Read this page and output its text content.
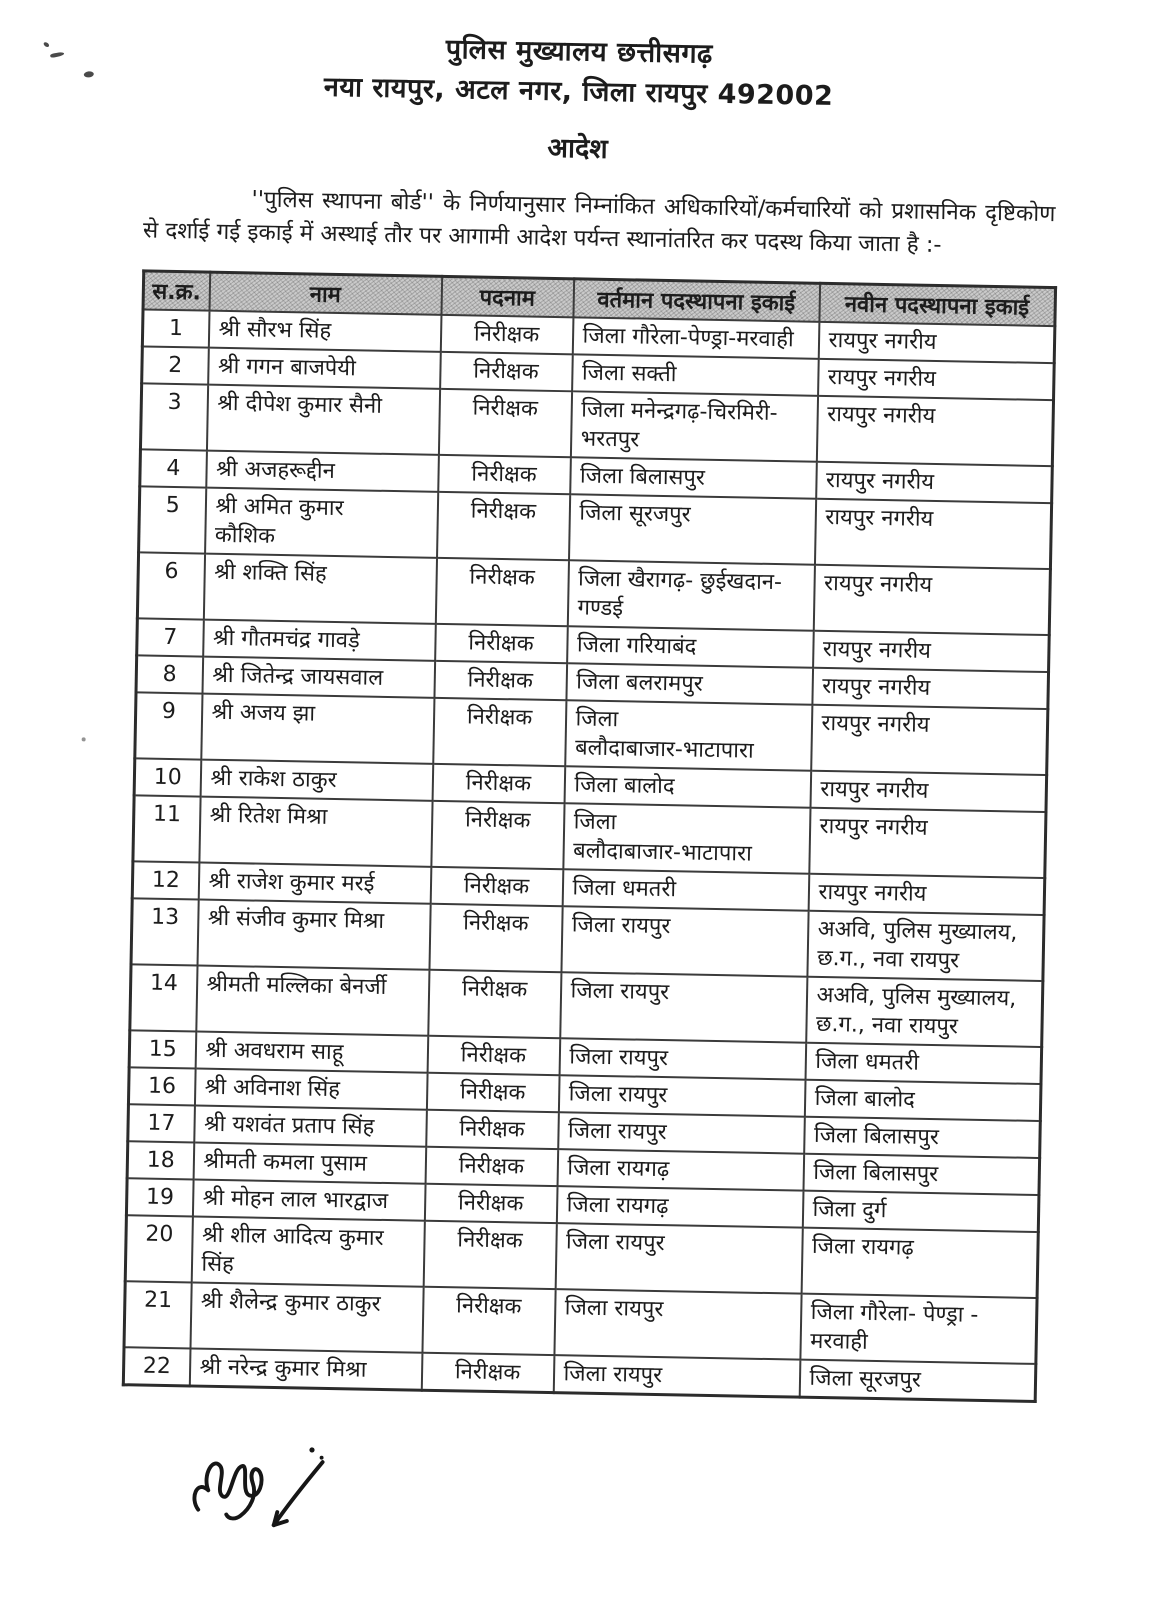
पुलिस मुख्यालय छत्तीसगढ़
नया रायपुर, अटल नगर, जिला रायपुर 492002
आदेश

''पुलिस स्थापना बोर्ड'' के निर्णयानुसार निम्नांकित अधिकारियों/कर्मचारियों को प्रशासनिक दृष्टिकोण से दर्शाई गई इकाई में अस्थाई तौर पर आगामी आदेश पर्यन्त स्थानांतरित कर पदस्थ किया जाता है :-

स.क्र.	नाम	पदनाम	वर्तमान पदस्थापना इकाई	नवीन पदस्थापना इकाई
1	श्री सौरभ सिंह	निरीक्षक	जिला गौरेला-पेण्ड्रा-मरवाही	रायपुर नगरीय
2	श्री गगन बाजपेयी	निरीक्षक	जिला सक्ती	रायपुर नगरीय
3	श्री दीपेश कुमार सैनी	निरीक्षक	जिला मनेन्द्रगढ़-चिरमिरी-
भरतपुर	रायपुर नगरीय
4	श्री अजहरूद्दीन	निरीक्षक	जिला बिलासपुर	रायपुर नगरीय
5	श्री अमित कुमार
कौशिक	निरीक्षक	जिला सूरजपुर	रायपुर नगरीय
6	श्री शक्ति सिंह	निरीक्षक	जिला खैरागढ़- छुईखदान-
गण्डई	रायपुर नगरीय
7	श्री गौतमचंद्र गावड़े	निरीक्षक	जिला गरियाबंद	रायपुर नगरीय
8	श्री जितेन्द्र जायसवाल	निरीक्षक	जिला बलरामपुर	रायपुर नगरीय
9	श्री अजय झा	निरीक्षक	जिला
बलौदाबाजार-भाटापारा	रायपुर नगरीय
10	श्री राकेश ठाकुर	निरीक्षक	जिला बालोद	रायपुर नगरीय
11	श्री रितेश मिश्रा	निरीक्षक	जिला
बलौदाबाजार-भाटापारा	रायपुर नगरीय
12	श्री राजेश कुमार मरई	निरीक्षक	जिला धमतरी	रायपुर नगरीय
13	श्री संजीव कुमार मिश्रा	निरीक्षक	जिला रायपुर	अअवि, पुलिस मुख्यालय,
छ.ग., नवा रायपुर
14	श्रीमती मल्लिका बेनर्जी	निरीक्षक	जिला रायपुर	अअवि, पुलिस मुख्यालय,
छ.ग., नवा रायपुर
15	श्री अवधराम साहू	निरीक्षक	जिला रायपुर	जिला धमतरी
16	श्री अविनाश सिंह	निरीक्षक	जिला रायपुर	जिला बालोद
17	श्री यशवंत प्रताप सिंह	निरीक्षक	जिला रायपुर	जिला बिलासपुर
18	श्रीमती कमला पुसाम	निरीक्षक	जिला रायगढ़	जिला बिलासपुर
19	श्री मोहन लाल भारद्वाज	निरीक्षक	जिला रायगढ़	जिला दुर्ग
20	श्री शील आदित्य कुमार
सिंह	निरीक्षक	जिला रायपुर	जिला रायगढ़
21	श्री शैलेन्द्र कुमार ठाकुर	निरीक्षक	जिला रायपुर	जिला गौरेला- पेण्ड्रा -
मरवाही
22	श्री नरेन्द्र कुमार मिश्रा	निरीक्षक	जिला रायपुर	जिला सूरजपुर
